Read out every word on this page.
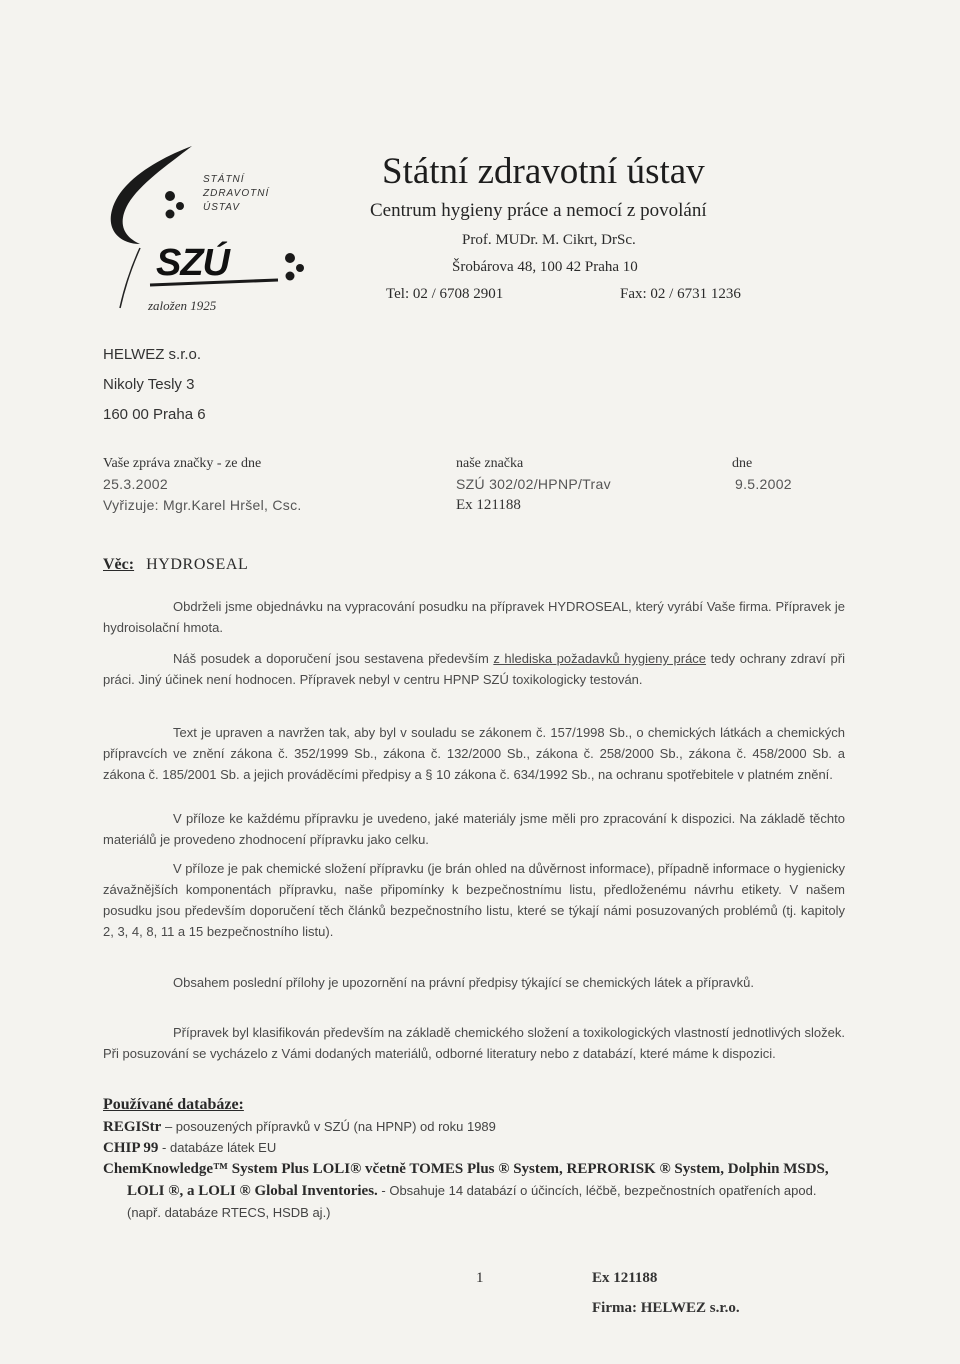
STÁTNÍ
ZDRAVOTNÍ
ÚSTAV
SZÚ
založen 1925
Státní zdravotní ústav
Centrum hygieny práce a nemocí z povolání
Prof. MUDr. M. Cikrt, DrSc.
Šrobárova 48, 100 42 Praha 10
Tel: 02 / 6708 2901	Fax: 02 / 6731 1236
HELWEZ s.r.o.
Nikoly Tesly 3
160 00 Praha 6
Vaše zpráva značky - ze dne
25.3.2002
Vyřizuje: Mgr.Karel Hršel, Csc.
naše značka
SZÚ 302/02/HPNP/Trav
Ex 121188
dne
9.5.2002
Věc: HYDROSEAL
Obdrželi jsme objednávku na vypracování posudku na přípravek HYDROSEAL, který vyrábí Vaše firma. Přípravek je hydroisolační hmota.
Náš posudek a doporučení jsou sestavena především z hlediska požadavků hygieny práce tedy ochrany zdraví při práci. Jiný účinek není hodnocen. Přípravek nebyl v centru HPNP SZÚ toxikologicky testován.
Text je upraven a navržen tak, aby byl v souladu se zákonem č. 157/1998 Sb., o chemických látkách a chemických přípravcích ve znění zákona č. 352/1999 Sb., zákona č. 132/2000 Sb., zákona č. 258/2000 Sb., zákona č. 458/2000 Sb. a zákona č. 185/2001 Sb. a jejich prováděcími předpisy a § 10 zákona č. 634/1992 Sb., na ochranu spotřebitele v platném znění.
V příloze ke každému přípravku je uvedeno, jaké materiály jsme měli pro zpracování k dispozici. Na základě těchto materiálů je provedeno zhodnocení přípravku jako celku.
V příloze je pak chemické složení přípravku (je brán ohled na důvěrnost informace), případně informace o hygienicky závažnějších komponentách přípravku, naše připomínky k bezpečnostnímu listu, předloženému návrhu etikety. V našem posudku jsou především doporučení těch článků bezpečnostního listu, které se týkají námi posuzovaných problémů (tj. kapitoly 2, 3, 4, 8, 11 a 15 bezpečnostního listu).
Obsahem poslední přílohy je upozornění na právní předpisy týkající se chemických látek a přípravků.
Přípravek byl klasifikován především na základě chemického složení a toxikologických vlastností jednotlivých složek. Při posuzování se vycházelo z Vámi dodaných materiálů, odborné literatury nebo z databází, které máme k dispozici.
Používané databáze:
REGIStr – posouzených přípravků v SZÚ (na HPNP) od roku 1989
CHIP 99 - databáze látek EU
ChemKnowledge™ System Plus LOLI® včetně TOMES Plus ® System, REPRORISK ® System, Dolphin MSDS, LOLI ®, a LOLI ® Global Inventories. - Obsahuje 14 databází o účincích, léčbě, bezpečnostních opatřeních apod. (např. databáze RTECS, HSDB aj.)
1	Ex 121188
Firma: HELWEZ s.r.o.
